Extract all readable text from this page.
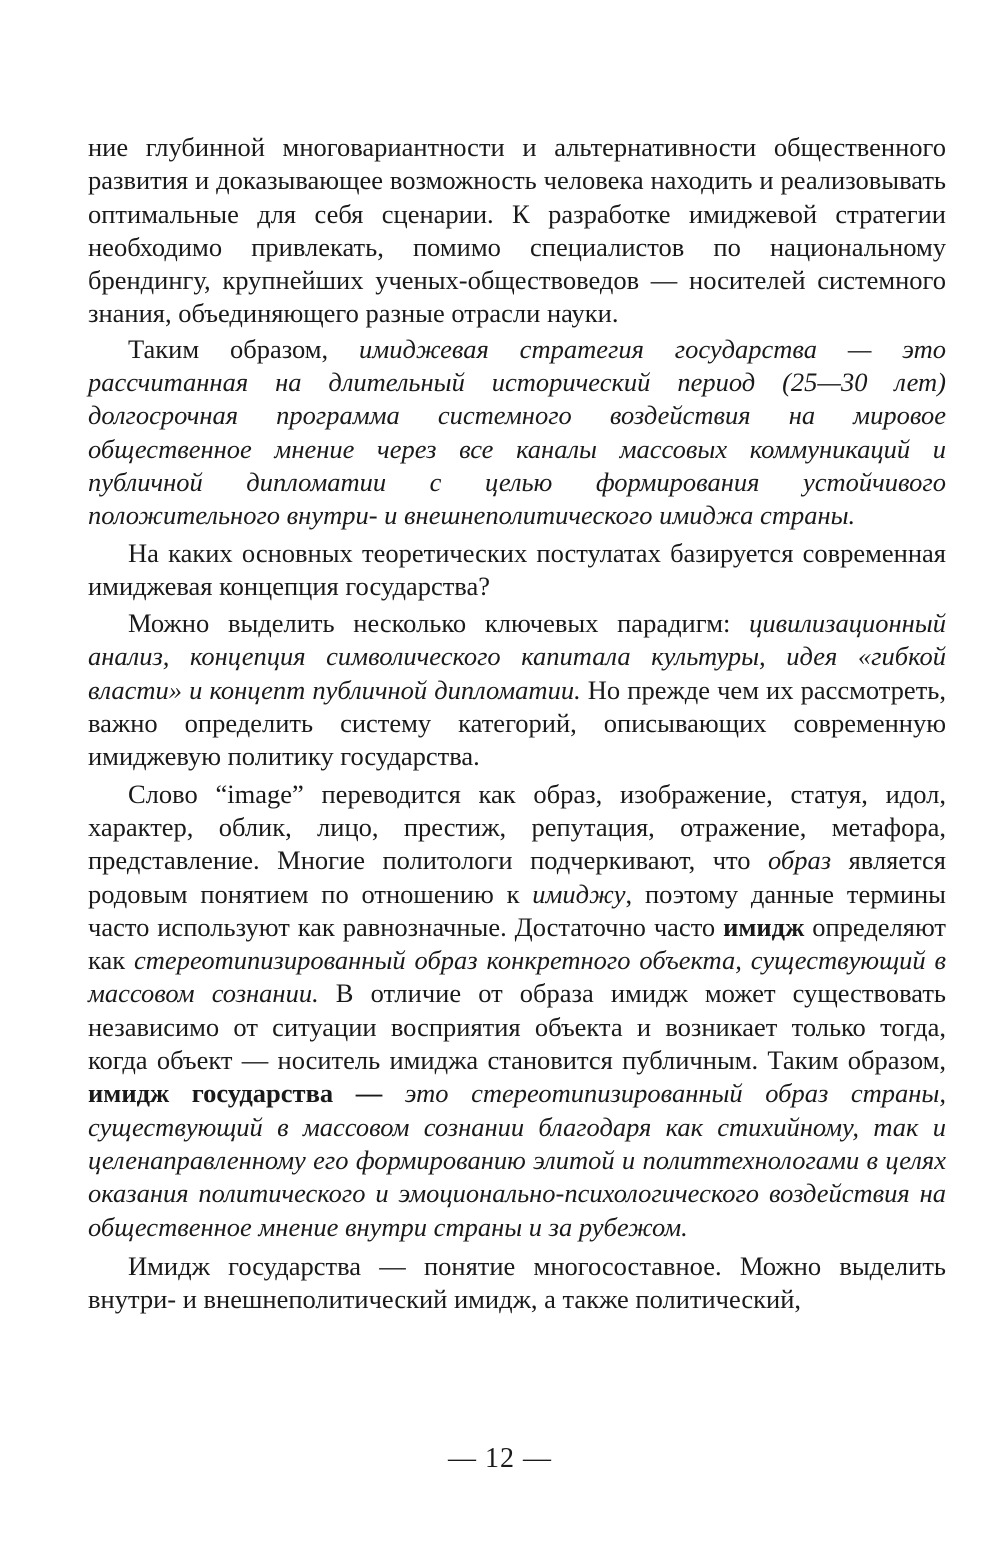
ние глубинной многовариантности и альтернативности общественного развития и доказывающее возможность человека находить и реализовывать оптимальные для себя сценарии. К разработке имиджевой стратегии необходимо привлекать, помимо специалистов по национальному брендингу, крупнейших ученых-обществоведов — носителей системного знания, объединяющего разные отрасли науки.

Таким образом, имиджевая стратегия государства — это рассчитанная на длительный исторический период (25—30 лет) долгосрочная программа системного воздействия на мировое общественное мнение через все каналы массовых коммуникаций и публичной дипломатии с целью формирования устойчивого положительного внутри- и внешнеполитического имиджа страны.

На каких основных теоретических постулатах базируется современная имиджевая концепция государства?

Можно выделить несколько ключевых парадигм: цивилизационный анализ, концепция символического капитала культуры, идея «гибкой власти» и концепт публичной дипломатии. Но прежде чем их рассмотреть, важно определить систему категорий, описывающих современную имиджевую политику государства.

Слово “image” переводится как образ, изображение, статуя, идол, характер, облик, лицо, престиж, репутация, отражение, метафора, представление. Многие политологи подчеркивают, что образ является родовым понятием по отношению к имиджу, поэтому данные термины часто используют как равнозначные. Достаточно часто имидж определяют как стереотипизированный образ конкретного объекта, существующий в массовом сознании. В отличие от образа имидж может существовать независимо от ситуации восприятия объекта и возникает только тогда, когда объект — носитель имиджа становится публичным. Таким образом, имидж государства — это стереотипизированный образ страны, существующий в массовом сознании благодаря как стихийному, так и целенаправленному его формированию элитой и политтехнологами в целях оказания политического и эмоционально-психологического воздействия на общественное мнение внутри страны и за рубежом.

Имидж государства — понятие многосоставное. Можно выделить внутри- и внешнеполитический имидж, а также политический,

— 12 —
